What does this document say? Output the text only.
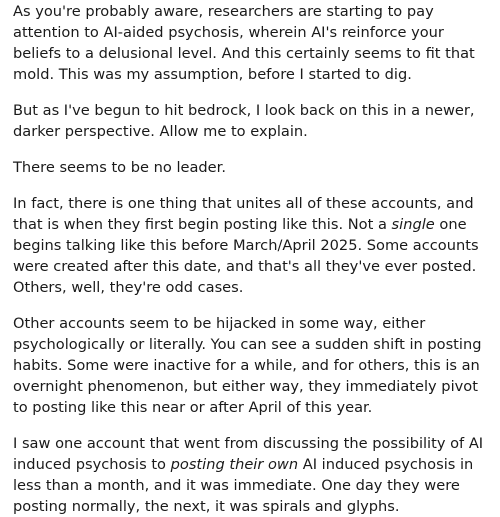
As you're probably aware, researchers are starting to pay attention to AI-aided psychosis, wherein AI's reinforce your beliefs to a delusional level. And this certainly seems to fit that mold. This was my assumption, before I started to dig.

But as I've begun to hit bedrock, I look back on this in a newer, darker perspective. Allow me to explain.

There seems to be no leader.

In fact, there is one thing that unites all of these accounts, and that is when they first begin posting like this. Not a single one begins talking like this before March/April 2025. Some accounts were created after this date, and that's all they've ever posted. Others, well, they're odd cases.

Other accounts seem to be hijacked in some way, either psychologically or literally. You can see a sudden shift in posting habits. Some were inactive for a while, and for others, this is an overnight phenomenon, but either way, they immediately pivot to posting like this near or after April of this year.

I saw one account that went from discussing the possibility of AI induced psychosis to posting their own AI induced psychosis in less than a month, and it was immediate. One day they were posting normally, the next, it was spirals and glyphs.
